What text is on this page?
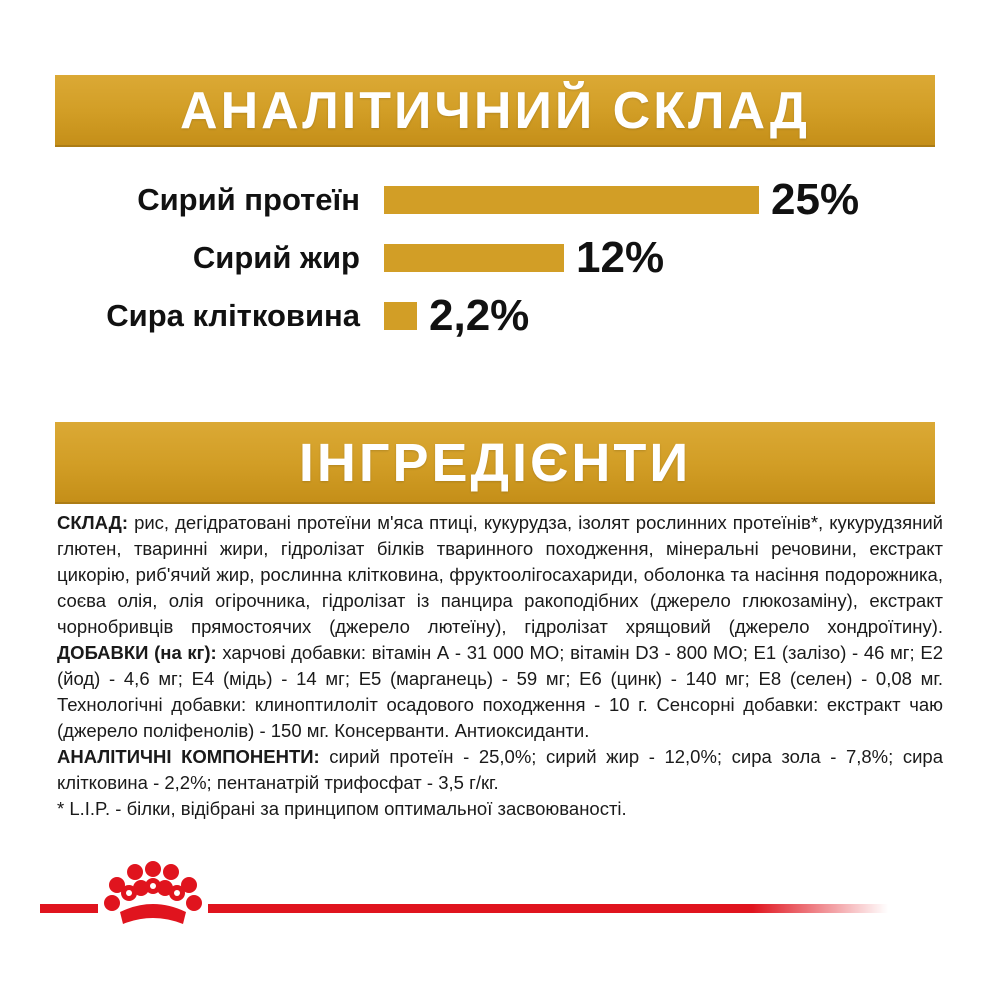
АНАЛІТИЧНИЙ СКЛАД
Сирий протеїн	25%
Сирий жир	12%
Сира клітковина 2,2%
ІНГРЕДІЄНТИ

СКЛАД: рис, дегідратовані протеїни м'яса птиці, кукурудза, ізолят рослинних протеїнів*, кукурудзяний глютен, тваринні жири, гідролізат білків тваринного походження, мінеральні речовини, екстракт цикорію, риб'ячий жир, рослинна клітковина, фруктоолігосахариди, оболонка та насіння подорожника, соєва олія, олія огірочника, гідролізат із панцира ракоподібних (джерело глюкозаміну), екстракт чорнобривців прямостоячих (джерело лютеїну), гідролізат хрящовий (джерело хондроїтину). ДОБАВКИ (на кг): харчові добавки: вітамін А - 31 000 МО; вітамін D3 - 800 МО; Е1 (залізо) - 46 мг; Е2 (йод) - 4,6 мг; Е4 (мідь) - 14 мг; Е5 (марганець) - 59 мг; Е6 (цинк) - 140 мг; Е8 (селен) - 0,08 мг. Технологічні добавки: клиноптилоліт осадового походження - 10 г. Сенсорні добавки: екстракт чаю (джерело поліфенолів) - 150 мг. Консерванти. Антиоксиданти.

АНАЛІТИЧНІ КОМПОНЕНТИ: сирий протеїн - 25,0%; сирий жир - 12,0%; сира зола - 7,8%; сира клітковина - 2,2%; пентанатрій трифосфат - 3,5 г/кг.

* L.I.P. - білки, відібрані за принципом оптимальної засвоюваності.
